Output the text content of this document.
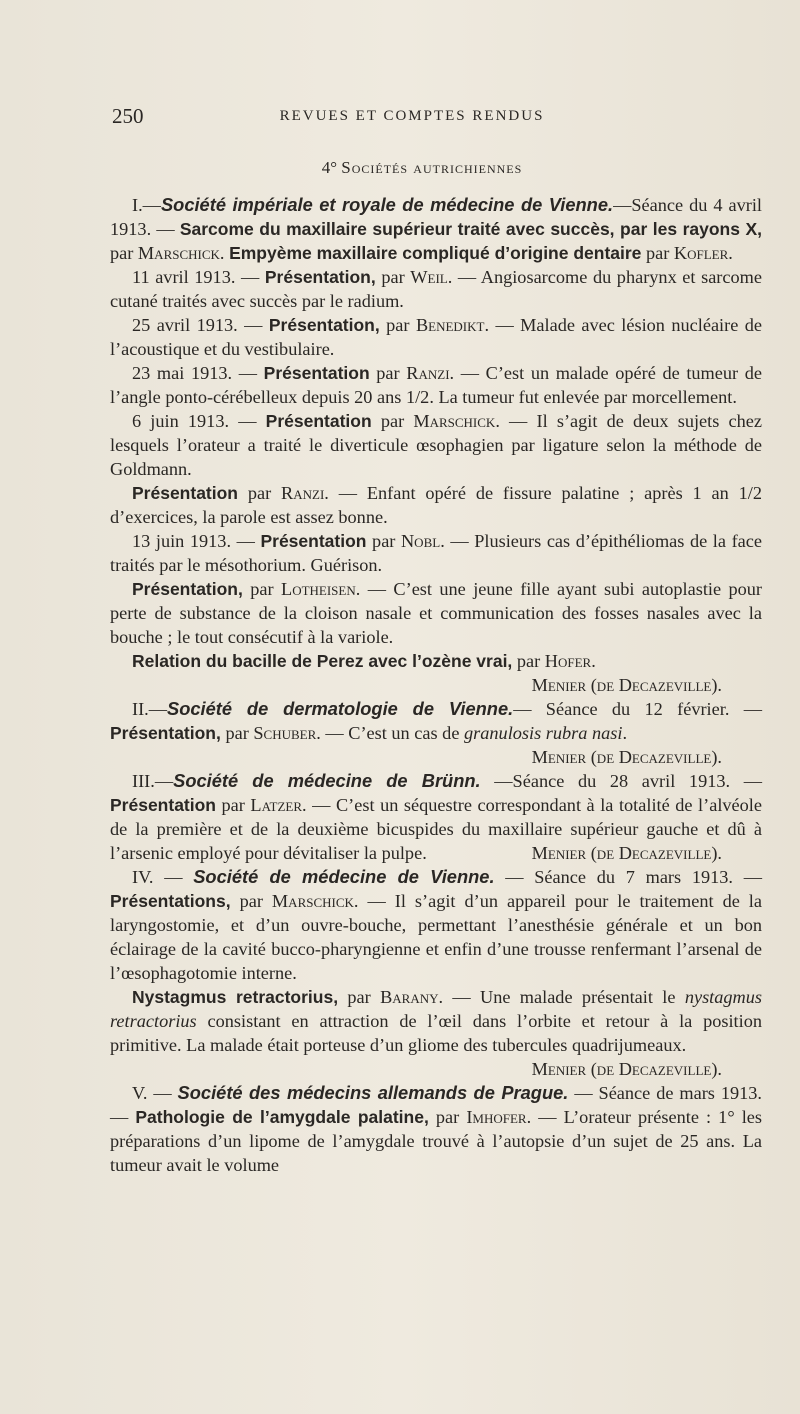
250	REVUES ET COMPTES RENDUS
4° Sociétés autrichiennes

I.—Société impériale et royale de médecine de Vienne.—Séance du 4 avril 1913. — Sarcome du maxillaire supérieur traité avec succès, par les rayons X, par Marschick. Empyème maxillaire compliqué d’origine dentaire par Kofler.

11 avril 1913. — Présentation, par Weil. — Angiosarcome du pharynx et sarcome cutané traités avec succès par le radium.

25 avril 1913. — Présentation, par Benedikt. — Malade avec lésion nucléaire de l’acoustique et du vestibulaire.

23 mai 1913. — Présentation par Ranzi. — C’est un malade opéré de tumeur de l’angle ponto-cérébelleux depuis 20 ans 1/2. La tumeur fut enlevée par morcellement.

6 juin 1913. — Présentation par Marschick. — Il s’agit de deux sujets chez lesquels l’orateur a traité le diverticule œsophagien par ligature selon la méthode de Goldmann.

Présentation par Ranzi. — Enfant opéré de fissure palatine ; après 1 an 1/2 d’exercices, la parole est assez bonne.

13 juin 1913. — Présentation par Nobl. — Plusieurs cas d’épithéliomas de la face traités par le mésothorium. Guérison.

Présentation, par Lotheisen. — C’est une jeune fille ayant subi autoplastie pour perte de substance de la cloison nasale et communication des fosses nasales avec la bouche ; le tout consécutif à la variole.

Relation du bacille de Perez avec l’ozène vrai, par Hofer.

Menier (de Decazeville).

II.—Société de dermatologie de Vienne.— Séance du 12 février. — Présentation, par Schuber. — C’est un cas de granulosis rubra nasi.
Menier (de Decazeville).

III.—Société de médecine de Brünn. —Séance du 28 avril 1913. — Présentation par Latzer. — C’est un séquestre correspondant à la totalité de l’alvéole de la première et de la deuxième bicuspides du maxillaire supérieur gauche et dû à l’arsenic employé pour dévitaliser la pulpe.	Menier (de Decazeville).

IV. — Société de médecine de Vienne. — Séance du 7 mars 1913. — Présentations, par Marschick. — Il s’agit d’un appareil pour le traitement de la laryngostomie, et d’un ouvre-bouche, permettant l’anesthésie générale et un bon éclairage de la cavité bucco-pharyngienne et enfin d’une trousse renfermant l’arsenal de l’œsophagotomie interne.

Nystagmus retractorius, par Barany. — Une malade présentait le nystagmus retractorius consistant en attraction de l’œil dans l’orbite et retour à la position primitive. La malade était porteuse d’un gliome des tubercules quadrijumeaux.
Menier (de Decazeville).

V. — Société des médecins allemands de Prague. — Séance de mars 1913. — Pathologie de l’amygdale palatine, par Imhofer. — L’orateur présente : 1° les préparations d’un lipome de l’amygdale trouvé à l’autopsie d’un sujet de 25 ans. La tumeur avait le volume
